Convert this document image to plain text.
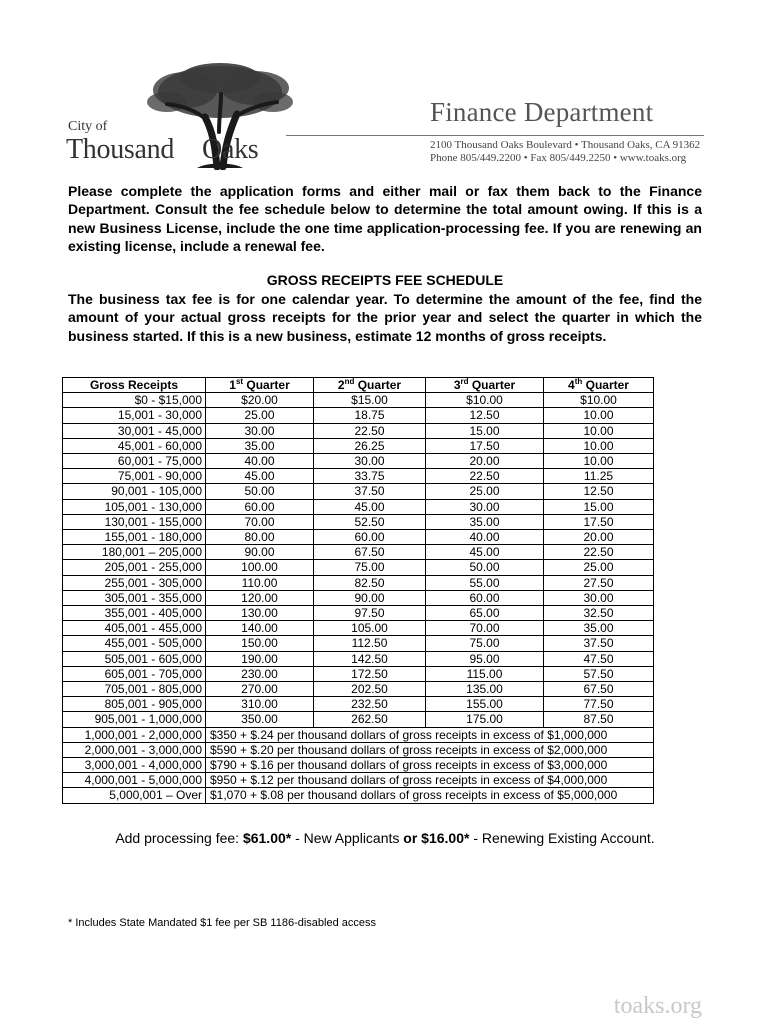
City of
Thousand Oaks
Finance Department
2100 Thousand Oaks Boulevard • Thousand Oaks, CA 91362
Phone 805/449.2200 • Fax 805/449.2250 • www.toaks.org
Please complete the application forms and either mail or fax them back to the Finance Department. Consult the fee schedule below to determine the total amount owing. If this is a new Business License, include the one time application-processing fee. If you are renewing an existing license, include a renewal fee.
GROSS RECEIPTS FEE SCHEDULE
The business tax fee is for one calendar year. To determine the amount of the fee, find the amount of your actual gross receipts for the prior year and select the quarter in which the business started. If this is a new business, estimate 12 months of gross receipts.
Gross Receipts	1st Quarter	2nd Quarter	3rd Quarter	4th Quarter
$0 - $15,000	$20.00	$15.00	$10.00	$10.00
15,001 - 30,000	25.00	18.75	12.50	10.00
30,001 - 45,000	30.00	22.50	15.00	10.00
45,001 - 60,000	35.00	26.25	17.50	10.00
60,001 - 75,000	40.00	30.00	20.00	10.00
75,001 - 90,000	45.00	33.75	22.50	11.25
90,001 - 105,000	50.00	37.50	25.00	12.50
105,001 - 130,000	60.00	45.00	30.00	15.00
130,001 - 155,000	70.00	52.50	35.00	17.50
155,001 - 180,000	80.00	60.00	40.00	20.00
180,001 – 205,000	90.00	67.50	45.00	22.50
205,001 - 255,000	100.00	75.00	50.00	25.00
255,001 - 305,000	110.00	82.50	55.00	27.50
305,001 - 355,000	120.00	90.00	60.00	30.00
355,001 - 405,000	130.00	97.50	65.00	32.50
405,001 - 455,000	140.00	105.00	70.00	35.00
455,001 - 505,000	150.00	112.50	75.00	37.50
505,001 - 605,000	190.00	142.50	95.00	47.50
605,001 - 705,000	230.00	172.50	115.00	57.50
705,001 - 805,000	270.00	202.50	135.00	67.50
805,001 - 905,000	310.00	232.50	155.00	77.50
905,001 - 1,000,000	350.00	262.50	175.00	87.50
1,000,001 - 2,000,000	$350 + $.24 per thousand dollars of gross receipts in excess of $1,000,000			
2,000,001 - 3,000,000	$590 + $.20 per thousand dollars of gross receipts in excess of $2,000,000			
3,000,001 - 4,000,000	$790 + $.16 per thousand dollars of gross receipts in excess of $3,000,000			
4,000,001 - 5,000,000	$950 + $.12 per thousand dollars of gross receipts in excess of $4,000,000			
5,000,001 – Over	$1,070 + $.08 per thousand dollars of gross receipts in excess of $5,000,000			
Add processing fee: $61.00* - New Applicants or $16.00* - Renewing Existing Account.
* Includes State Mandated $1 fee per SB 1186-disabled access
toaks.org
